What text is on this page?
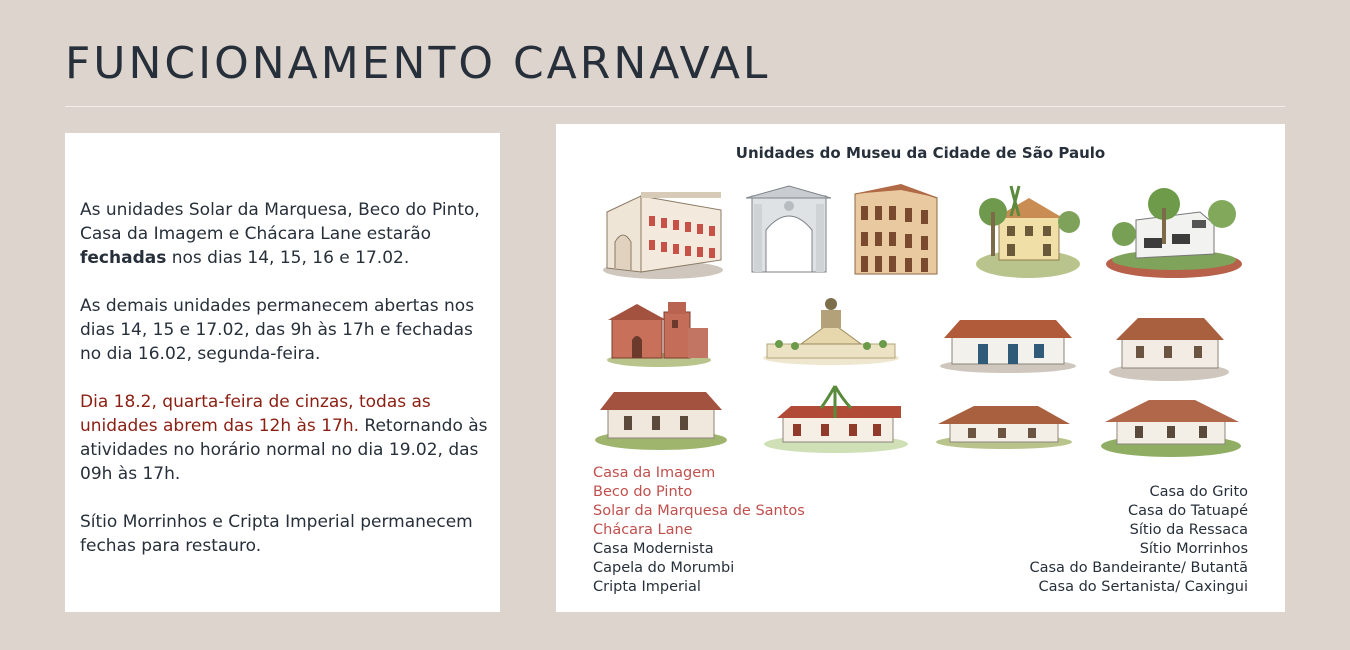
FUNCIONAMENTO CARNAVAL

As unidades Solar da Marquesa, Beco do Pinto, Casa da Imagem e Chácara Lane estarão fechadas nos dias 14, 15, 16 e 17.02.

As demais unidades permanecem abertas nos dias 14, 15 e 17.02, das 9h às 17h e fechadas no dia 16.02, segunda-feira.

Dia 18.2, quarta-feira de cinzas, todas as unidades abrem das 12h às 17h. Retornando às atividades no horário normal no dia 19.02, das 09h às 17h.

Sítio Morrinhos e Cripta Imperial permanecem fechas para restauro.

Unidades do Museu da Cidade de São Paulo
Casa da Imagem
Beco do Pinto
Solar da Marquesa de Santos
Chácara Lane
Casa Modernista
Capela do Morumbi
Cripta Imperial
Casa do Grito
Casa do Tatuapé
Sítio da Ressaca
Sítio Morrinhos
Casa do Bandeirante/ Butantã
Casa do Sertanista/ Caxingui
